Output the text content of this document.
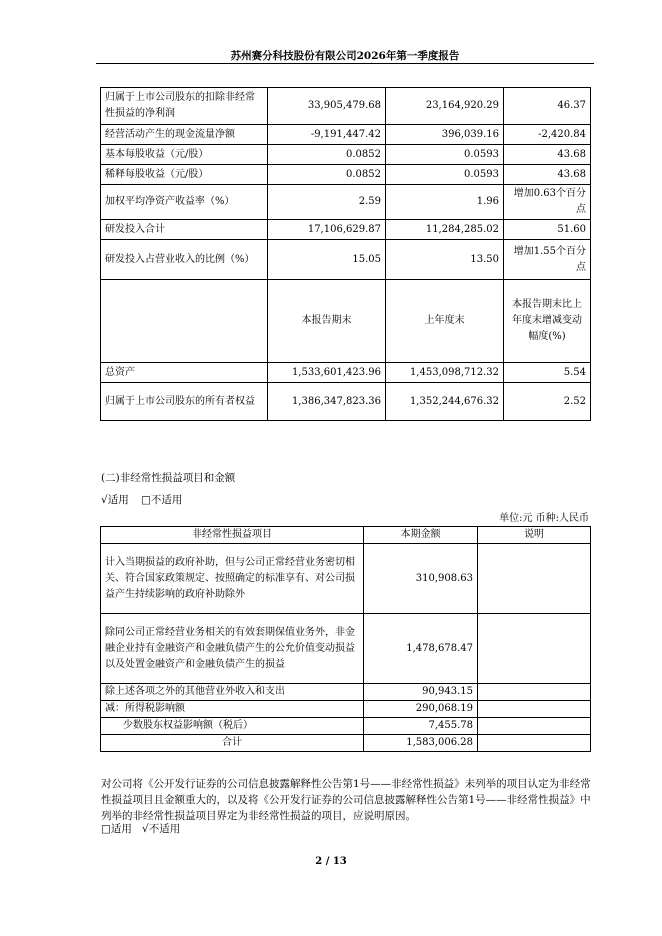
苏州赛分科技股份有限公司2026年第一季度报告
归属于上市公司股东的扣除非经常性损益的净利润	33,905,479.68	23,164,920.29	46.37
经营活动产生的现金流量净额	-9,191,447.42	396,039.16	-2,420.84
基本每股收益（元/股）	0.0852	0.0593	43.68
稀释每股收益（元/股）	0.0852	0.0593	43.68
加权平均净资产收益率（%）	2.59	1.96	增加0.63个百分点
研发投入合计	17,106,629.87	11,284,285.02	51.60
研发投入占营业收入的比例（%）	15.05	13.50	增加1.55个百分点
	本报告期末	上年度末	本报告期末比上年度末增减变动幅度(%)
总资产	1,533,601,423.96	1,453,098,712.32	5.54
归属于上市公司股东的所有者权益	1,386,347,823.36	1,352,244,676.32	2.52
(二)非经常性损益项目和金额
√适用 □不适用
单位:元 币种:人民币
非经常性损益项目	本期金额	说明
计入当期损益的政府补助，但与公司正常经营业务密切相关、符合国家政策规定、按照确定的标准享有、对公司损益产生持续影响的政府补助除外	310,908.63	
除同公司正常经营业务相关的有效套期保值业务外，非金融企业持有金融资产和金融负债产生的公允价值变动损益以及处置金融资产和金融负债产生的损益	1,478,678.47	
除上述各项之外的其他营业外收入和支出	90,943.15	
减：所得税影响额	290,068.19	
少数股东权益影响额（税后）	7,455.78	
合计	1,583,006.28	
对公司将《公开发行证券的公司信息披露解释性公告第1号——非经常性损益》未列举的项目认定为非经常性损益项目且金额重大的，以及将《公开发行证券的公司信息披露解释性公告第1号——非经常性损益》中列举的非经常性损益项目界定为非经常性损益的项目，应说明原因。
□适用 √不适用
2 / 13
